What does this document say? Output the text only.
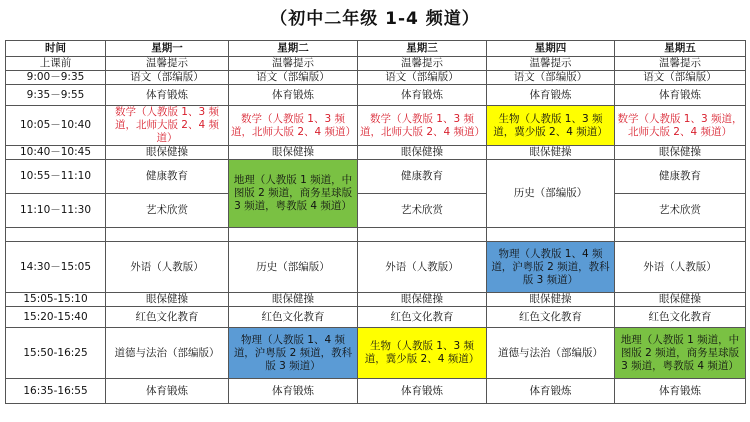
（初中二年级 1-4 频道）
时间	星期一	星期二	星期三	星期四	星期五
上课前	温馨提示	温馨提示	温馨提示	温馨提示	温馨提示
9:00－9:35	语文（部编版）	语文（部编版）	语文（部编版）	语文（部编版）	语文（部编版）
9:35－9:55	体育锻炼	体育锻炼	体育锻炼	体育锻炼	体育锻炼
10:05－10:40	数学（人教版 1、3 频道，北师大版 2、4 频道）	数学（人教版 1、3 频道，北师大版 2、4 频道）	数学（人教版 1、3 频道，北师大版 2、4 频道）	生物（人教版 1、3 频道，冀少版 2、4 频道）	数学（人教版 1、3 频道，北师大版 2、4 频道）
10:40－10:45	眼保健操	眼保健操	眼保健操	眼保健操	眼保健操
10:55－11:10	健康教育	地理（人教版 1 频道，中图版 2 频道，商务星球版 3 频道，粤教版 4 频道）	健康教育	历史（部编版）	健康教育
11:10－11:30	艺术欣赏		艺术欣赏		艺术欣赏

14:30－15:05	外语（人教版）	历史（部编版）	外语（人教版）	物理（人教版 1、4 频道，沪粤版 2 频道，教科版 3 频道）	外语（人教版）
15:05-15:10	眼保健操	眼保健操	眼保健操	眼保健操	眼保健操
15:20-15:40	红色文化教育	红色文化教育	红色文化教育	红色文化教育	红色文化教育
15:50-16:25	道德与法治（部编版）	物理（人教版 1、4 频道，沪粤版 2 频道，教科版 3 频道）	生物（人教版 1、3 频道，冀少版 2、4 频道）	道德与法治（部编版）	地理（人教版 1 频道，中图版 2 频道，商务星球版 3 频道，粤教版 4 频道）
16:35-16:55	体育锻炼	体育锻炼	体育锻炼	体育锻炼	体育锻炼
